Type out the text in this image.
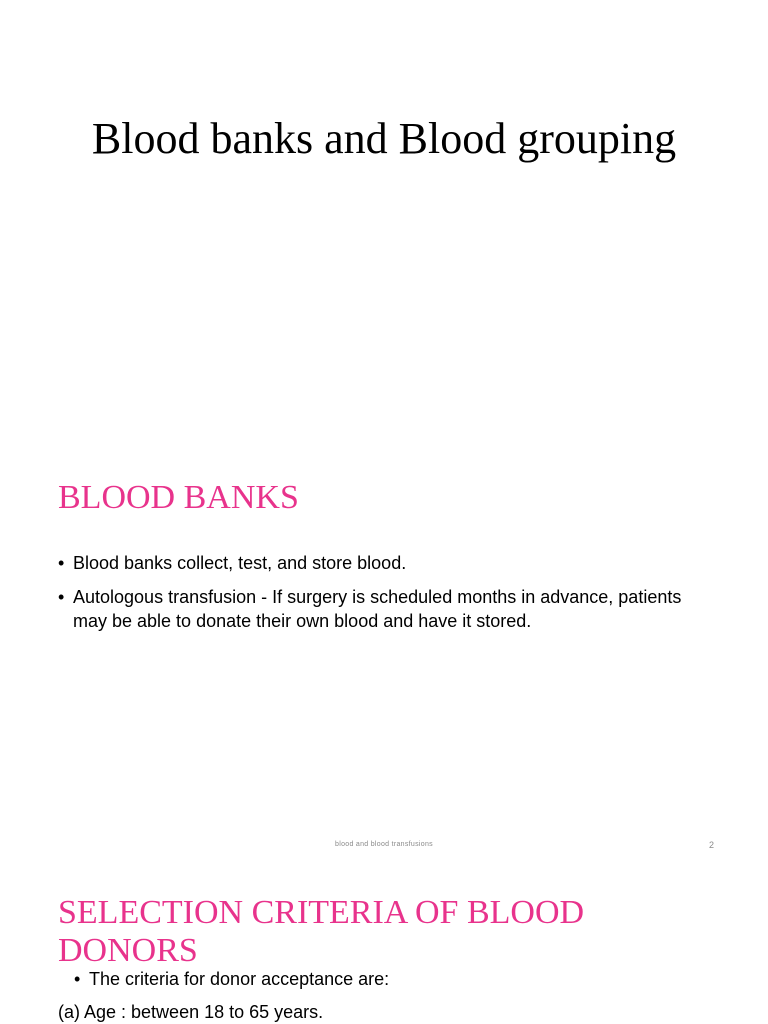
Blood banks and Blood grouping
BLOOD BANKS
• Blood banks collect, test, and store blood.
• Autologous transfusion - If surgery is scheduled months in advance, patients may be able to donate their own blood and have it stored.
blood and blood transfusions	2
SELECTION CRITERIA OF BLOOD DONORS
• The criteria for donor acceptance are:

(a) Age : between 18 to 65 years.
